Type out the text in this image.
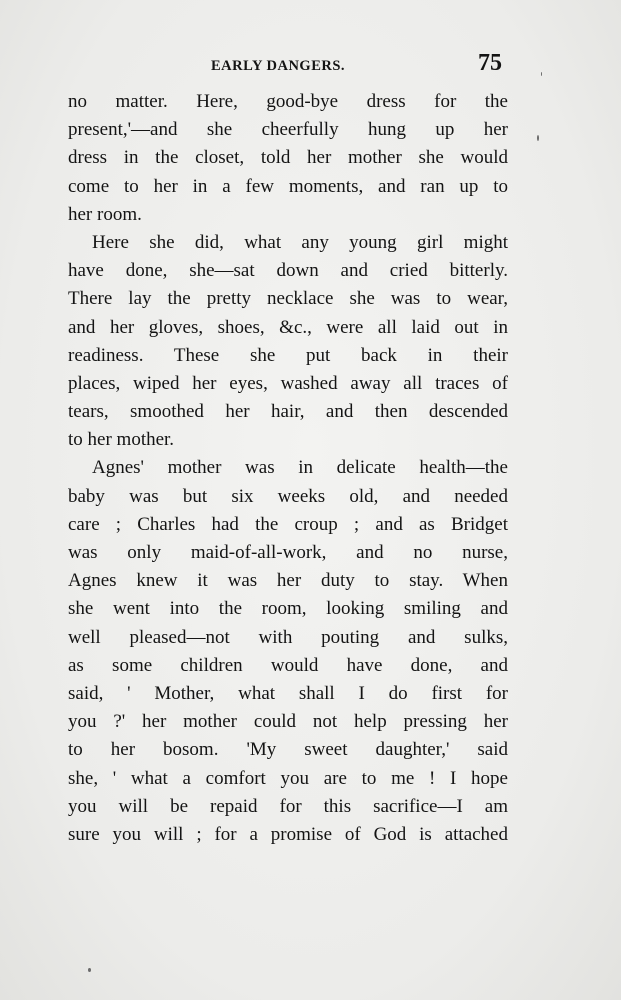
EARLY DANGERS.	75
no matter. Here, good-bye dress for the
present,'—and she cheerfully hung up her
dress in the closet, told her mother she would
come to her in a few moments, and ran up to
her room.
Here she did, what any young girl might
have done, she—sat down and cried bitterly.
There lay the pretty necklace she was to wear,
and her gloves, shoes, &c., were all laid out in
readiness. These she put back in their
places, wiped her eyes, washed away all traces of
tears, smoothed her hair, and then descended
to her mother.
Agnes' mother was in delicate health—the
baby was but six weeks old, and needed
care ; Charles had the croup ; and as Bridget
was only maid-of-all-work, and no nurse,
Agnes knew it was her duty to stay. When
she went into the room, looking smiling and
well pleased—not with pouting and sulks,
as some children would have done, and
said, ' Mother, what shall I do first for
you ?' her mother could not help pressing her
to her bosom. 'My sweet daughter,' said
she, ' what a comfort you are to me ! I hope
you will be repaid for this sacrifice—I am
sure you will ; for a promise of God is attached
